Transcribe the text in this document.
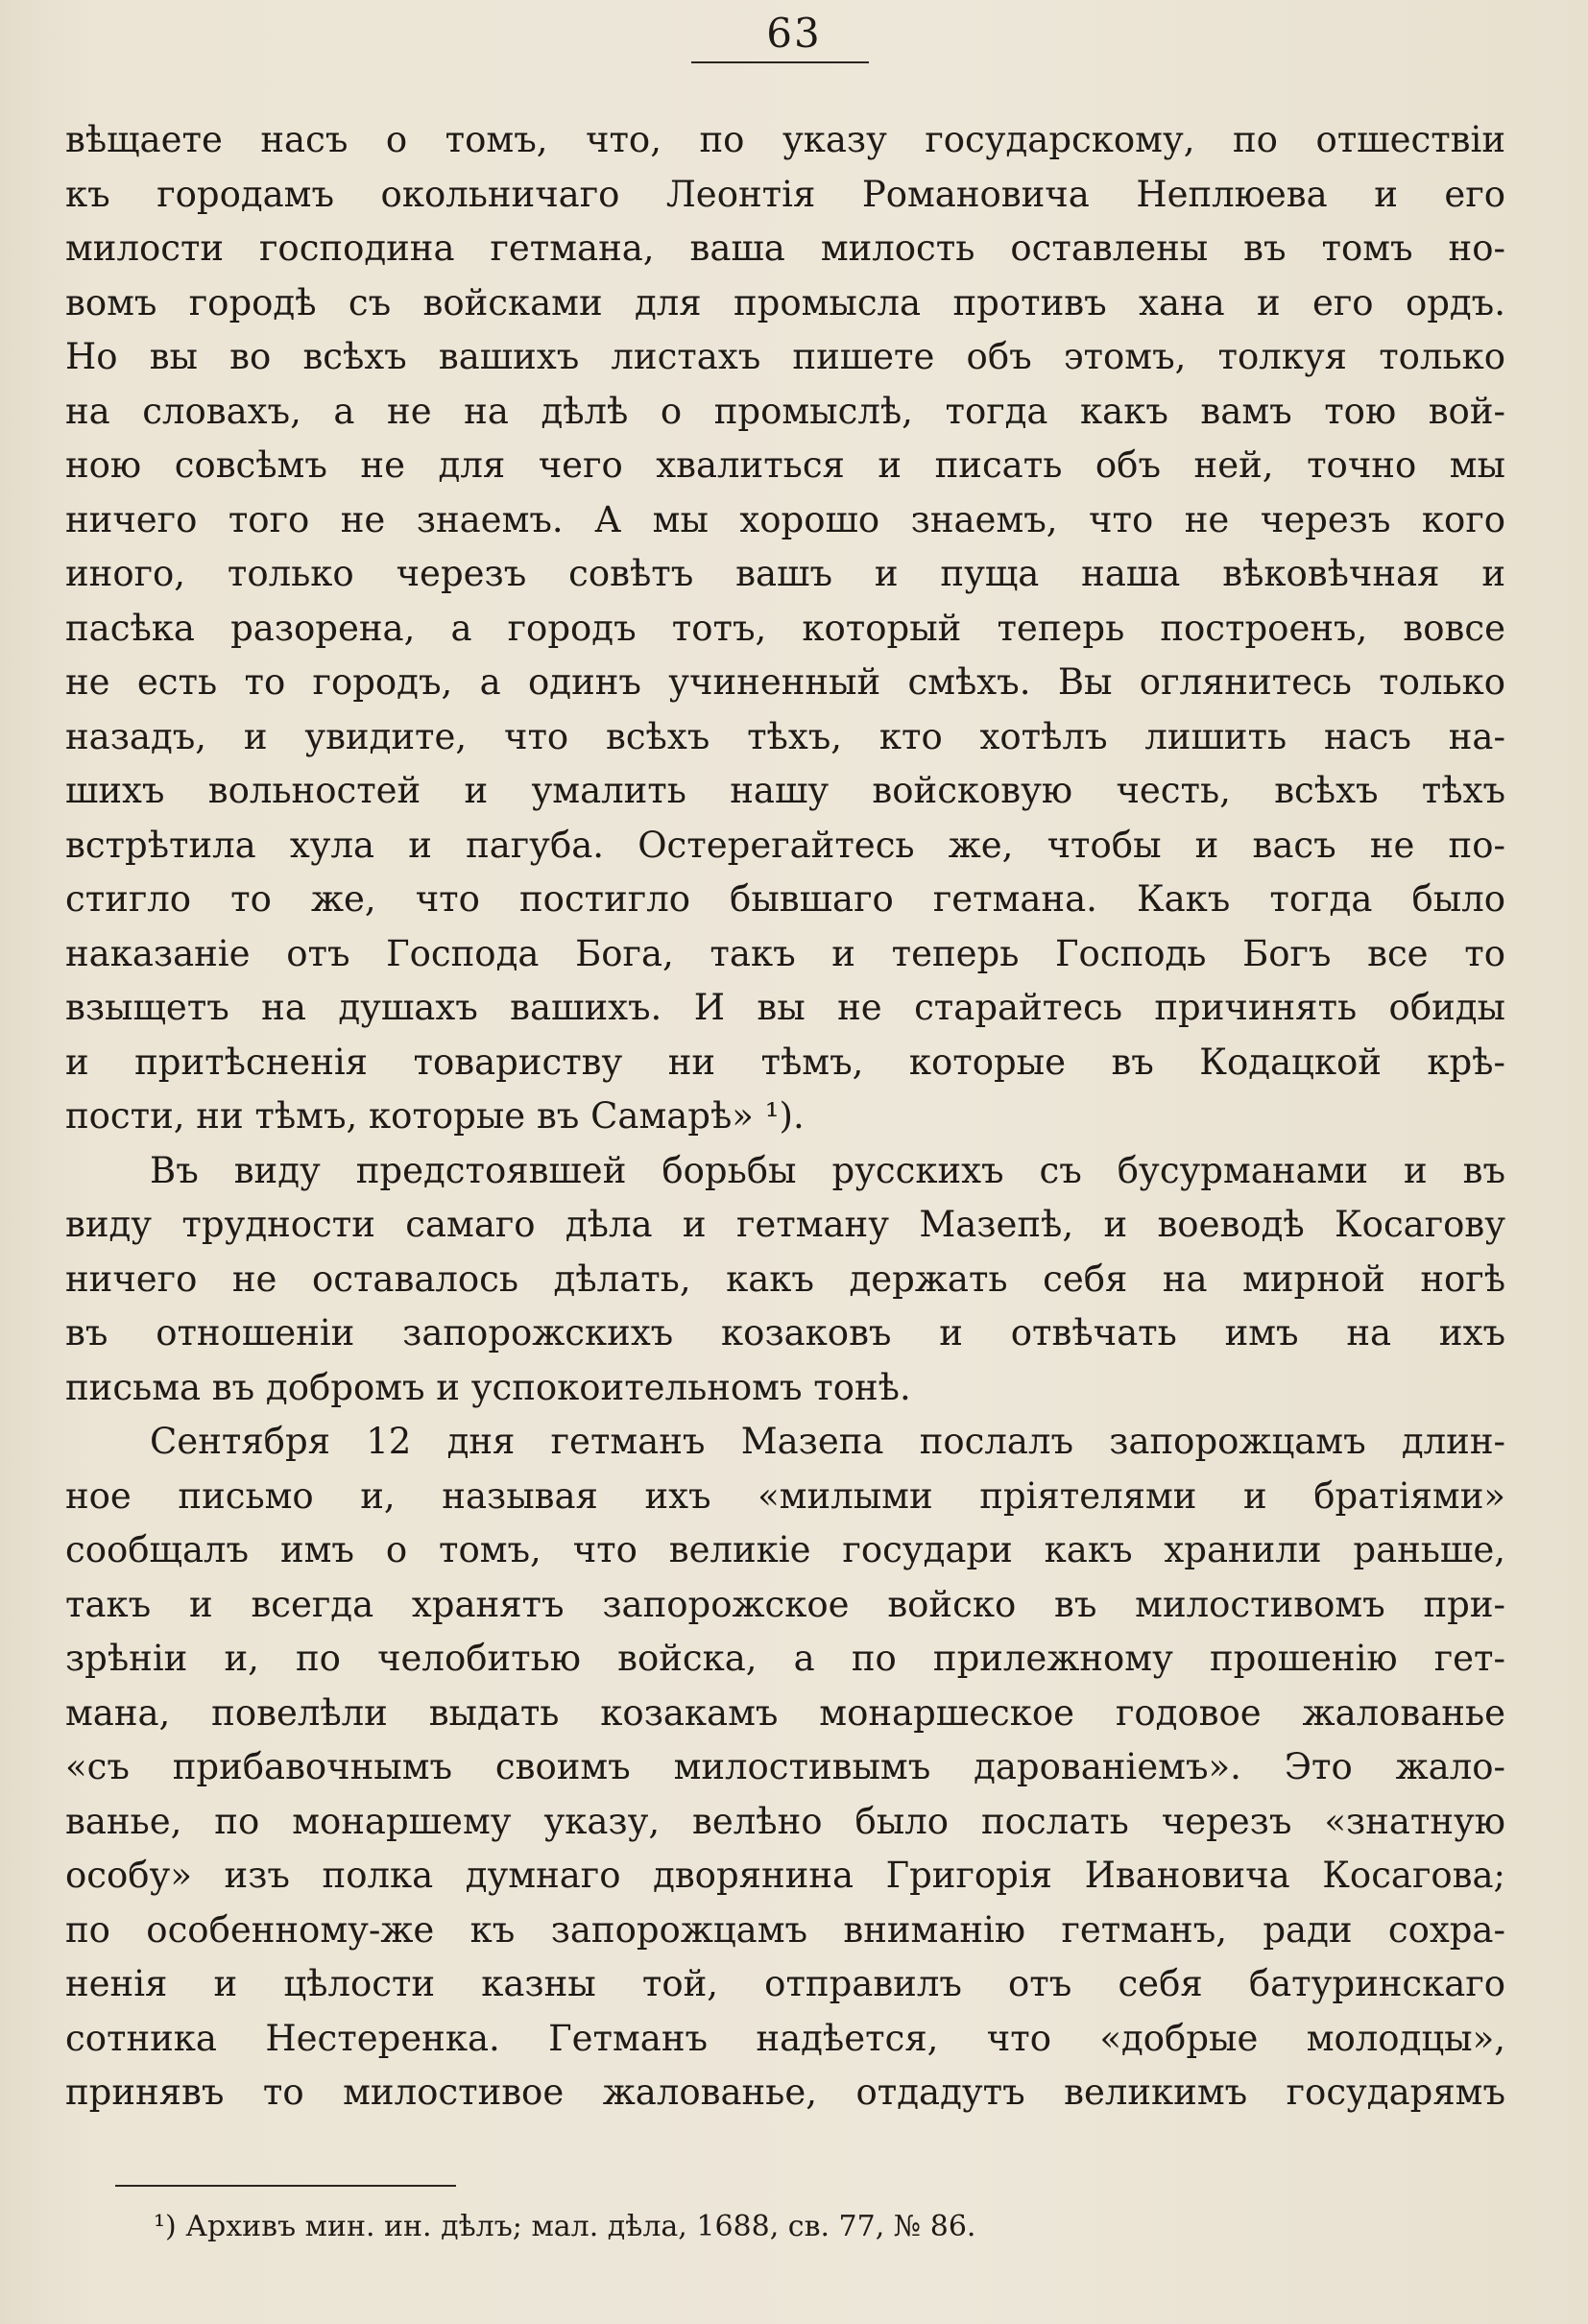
63
вѣщаете насъ о томъ, что, по указу государскому, по отшествіи
къ городамъ окольничаго Леонтія Романовича Неплюева и его
милости господина гетмана, ваша милость оставлены въ томъ но-
вомъ городѣ съ войсками для промысла противъ хана и его ордъ.
Но вы во всѣхъ вашихъ листахъ пишете объ этомъ, толкуя только
на словахъ, а не на дѣлѣ о промыслѣ, тогда какъ вамъ тою вой-
ною совсѣмъ не для чего хвалиться и писать объ ней, точно мы
ничего того не знаемъ. А мы хорошо знаемъ, что не черезъ кого
иного, только черезъ совѣтъ вашъ и пуща наша вѣковѣчная и
пасѣка разорена, а городъ тотъ, который теперь построенъ, вовсе
не есть то городъ, а одинъ учиненный смѣхъ. Вы оглянитесь только
назадъ, и увидите, что всѣхъ тѣхъ, кто хотѣлъ лишить насъ на-
шихъ вольностей и умалить нашу войсковую честь, всѣхъ тѣхъ
встрѣтила хула и пагуба. Остерегайтесь же, чтобы и васъ не по-
стигло то же, что постигло бывшаго гетмана. Какъ тогда было
наказаніе отъ Господа Бога, такъ и теперь Господь Богъ все то
взыщетъ на душахъ вашихъ. И вы не старайтесь причинять обиды
и притѣсненія товариству ни тѣмъ, которые въ Кодацкой крѣ-
пости, ни тѣмъ, которые въ Самарѣ» ¹).
Въ виду предстоявшей борьбы русскихъ съ бусурманами и въ
виду трудности самаго дѣла и гетману Мазепѣ, и воеводѣ Косагову
ничего не оставалось дѣлать, какъ держать себя на мирной ногѣ
въ отношеніи запорожскихъ козаковъ и отвѣчать имъ на ихъ
письма въ добромъ и успокоительномъ тонѣ.
Сентября 12 дня гетманъ Мазепа послалъ запорожцамъ длин-
ное письмо и, называя ихъ «милыми пріятелями и братіями»
сообщалъ имъ о томъ, что великіе государи какъ хранили раньше,
такъ и всегда хранятъ запорожское войско въ милостивомъ при-
зрѣніи и, по челобитью войска, а по прилежному прошенію гет-
мана, повелѣли выдать козакамъ монаршеское годовое жалованье
«съ прибавочнымъ своимъ милостивымъ дарованіемъ». Это жало-
ванье, по монаршему указу, велѣно было послать черезъ «знатную
особу» изъ полка думнаго дворянина Григорія Ивановича Косагова;
по особенному-же къ запорожцамъ вниманію гетманъ, ради сохра-
ненія и цѣлости казны той, отправилъ отъ себя батуринскаго
сотника Нестеренка. Гетманъ надѣется, что «добрые молодцы»,
принявъ то милостивое жалованье, отдадутъ великимъ государямъ
¹) Архивъ мин. ин. дѣлъ; мал. дѣла, 1688, св. 77, № 86.
